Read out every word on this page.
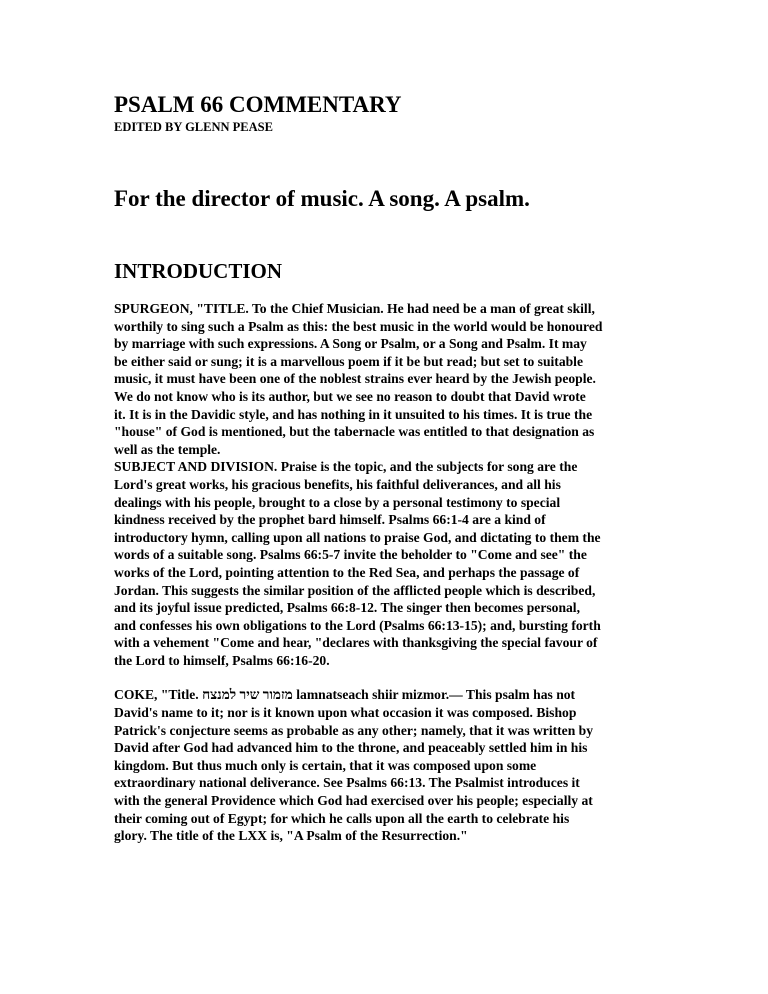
PSALM 66 COMMENTARY
EDITED BY GLENN PEASE
For the director of music. A song. A psalm.
INTRODUCTION
SPURGEON, "TITLE. To the Chief Musician. He had need be a man of great skill,
worthily to sing such a Psalm as this: the best music in the world would be honoured
by marriage with such expressions. A Song or Psalm, or a Song and Psalm. It may
be either said or sung; it is a marvellous poem if it be but read; but set to suitable
music, it must have been one of the noblest strains ever heard by the Jewish people.
We do not know who is its author, but we see no reason to doubt that David wrote
it. It is in the Davidic style, and has nothing in it unsuited to his times. It is true the
"house" of God is mentioned, but the tabernacle was entitled to that designation as
well as the temple.
SUBJECT AND DIVISION. Praise is the topic, and the subjects for song are the
Lord's great works, his gracious benefits, his faithful deliverances, and all his
dealings with his people, brought to a close by a personal testimony to special
kindness received by the prophet bard himself. Psalms 66:1-4 are a kind of
introductory hymn, calling upon all nations to praise God, and dictating to them the
words of a suitable song. Psalms 66:5-7 invite the beholder to "Come and see" the
works of the Lord, pointing attention to the Red Sea, and perhaps the passage of
Jordan. This suggests the similar position of the afflicted people which is described,
and its joyful issue predicted, Psalms 66:8-12. The singer then becomes personal,
and confesses his own obligations to the Lord (Psalms 66:13-15); and, bursting forth
with a vehement "Come and hear, "declares with thanksgiving the special favour of
the Lord to himself, Psalms 66:16-20.
COKE, "Title. מזמור שיר למנצח lamnatseach shiir mizmor.— This psalm has not
David's name to it; nor is it known upon what occasion it was composed. Bishop
Patrick's conjecture seems as probable as any other; namely, that it was written by
David after God had advanced him to the throne, and peaceably settled him in his
kingdom. But thus much only is certain, that it was composed upon some
extraordinary national deliverance. See Psalms 66:13. The Psalmist introduces it
with the general Providence which God had exercised over his people; especially at
their coming out of Egypt; for which he calls upon all the earth to celebrate his
glory. The title of the LXX is, "A Psalm of the Resurrection."
